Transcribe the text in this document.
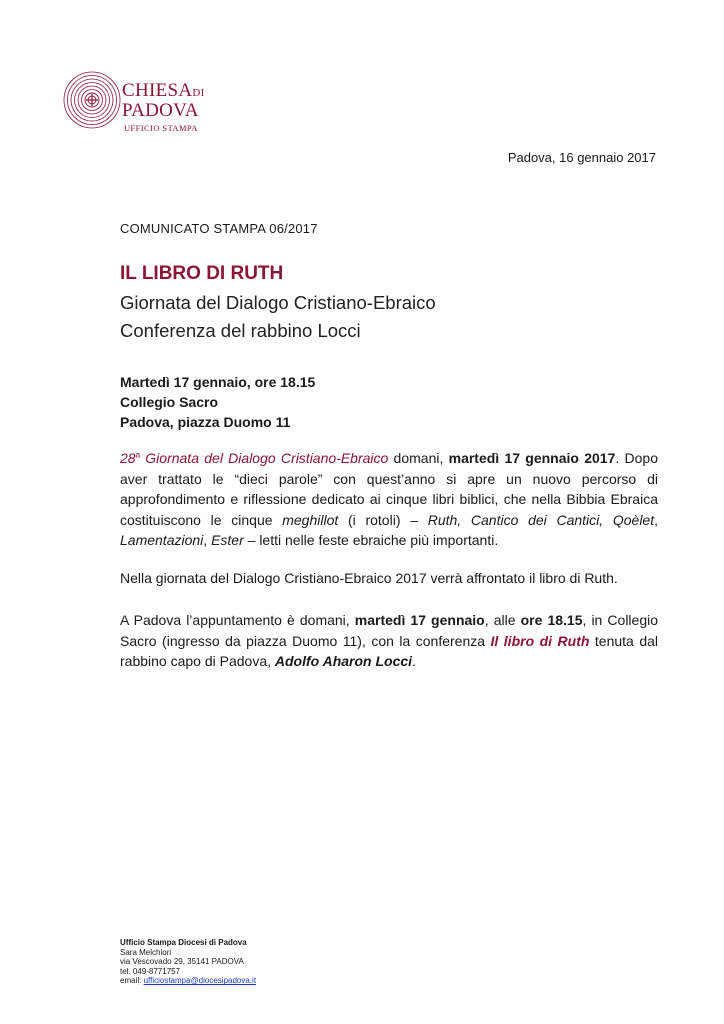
CHIESADI
PADOVA
UFFICIO STAMPA
Padova, 16 gennaio 2017
COMUNICATO STAMPA 06/2017
IL LIBRO DI RUTH
Giornata del Dialogo Cristiano-Ebraico
Conferenza del rabbino Locci
Martedì 17 gennaio, ore 18.15
Collegio Sacro
Padova, piazza Duomo 11
28$^a$ Giornata del Dialogo Cristiano-Ebraico domani, martedì 17 gennaio 2017. Dopo aver trattato le “dieci parole” con quest’anno si apre un nuovo percorso di approfondimento e riflessione dedicato ai cinque libri biblici, che nella Bibbia Ebraica costituiscono le cinque meghillot (i rotoli) – Ruth, Cantico dei Cantici, Qoèlet, Lamentazioni, Ester – letti nelle feste ebraiche più importanti.
Nella giornata del Dialogo Cristiano-Ebraico 2017 verrà affrontato il libro di Ruth.
A Padova l’appuntamento è domani, martedì 17 gennaio, alle ore 18.15, in Collegio Sacro (ingresso da piazza Duomo 11), con la conferenza Il libro di Ruth tenuta dal rabbino capo di Padova, Adolfo Aharon Locci.
Ufficio Stampa Diocesi di Padova
Sara Melchiori
via Vescovado 29, 35141 PADOVA
tel. 049-8771757
email: ufficiostampa@diocesipadova.it
